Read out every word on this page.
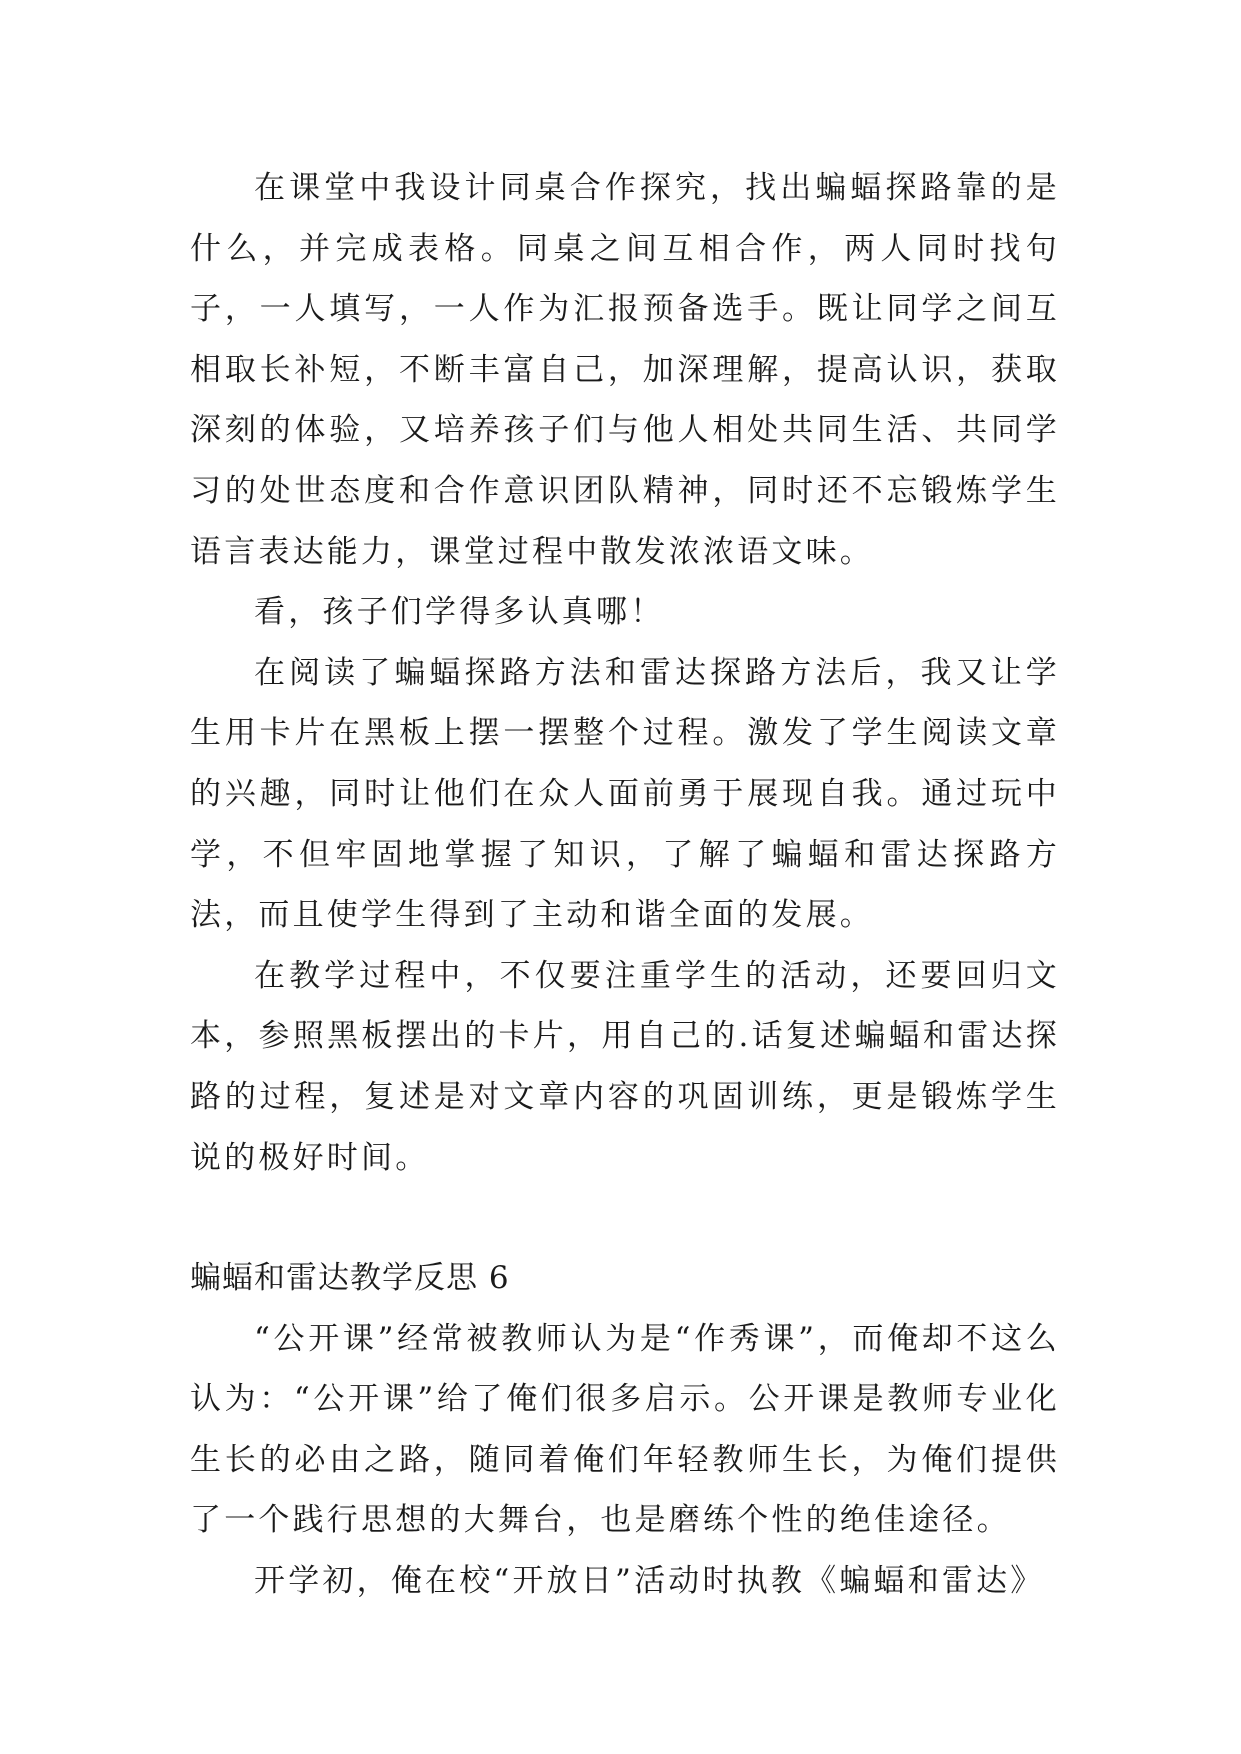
在课堂中我设计同桌合作探究，找出蝙蝠探路靠的是什么，并完成表格。同桌之间互相合作，两人同时找句子，一人填写，一人作为汇报预备选手。既让同学之间互相取长补短，不断丰富自己，加深理解，提高认识，获取深刻的体验，又培养孩子们与他人相处共同生活、共同学习的处世态度和合作意识团队精神，同时还不忘锻炼学生语言表达能力，课堂过程中散发浓浓语文味。

看，孩子们学得多认真哪！

在阅读了蝙蝠探路方法和雷达探路方法后，我又让学生用卡片在黑板上摆一摆整个过程。激发了学生阅读文章的兴趣，同时让他们在众人面前勇于展现自我。通过玩中学，不但牢固地掌握了知识，了解了蝙蝠和雷达探路方法，而且使学生得到了主动和谐全面的发展。

在教学过程中，不仅要注重学生的活动，还要回归文本，参照黑板摆出的卡片，用自己的.话复述蝙蝠和雷达探路的过程，复述是对文章内容的巩固训练，更是锻炼学生说的极好时间。

蝙蝠和雷达教学反思 6

“公开课”经常被教师认为是“作秀课”，而俺却不这么认为：“公开课”给了俺们很多启示。公开课是教师专业化生长的必由之路，随同着俺们年轻教师生长，为俺们提供了一个践行思想的大舞台，也是磨练个性的绝佳途径。

开学初，俺在校“开放日”活动时执教《蝙蝠和雷达》
